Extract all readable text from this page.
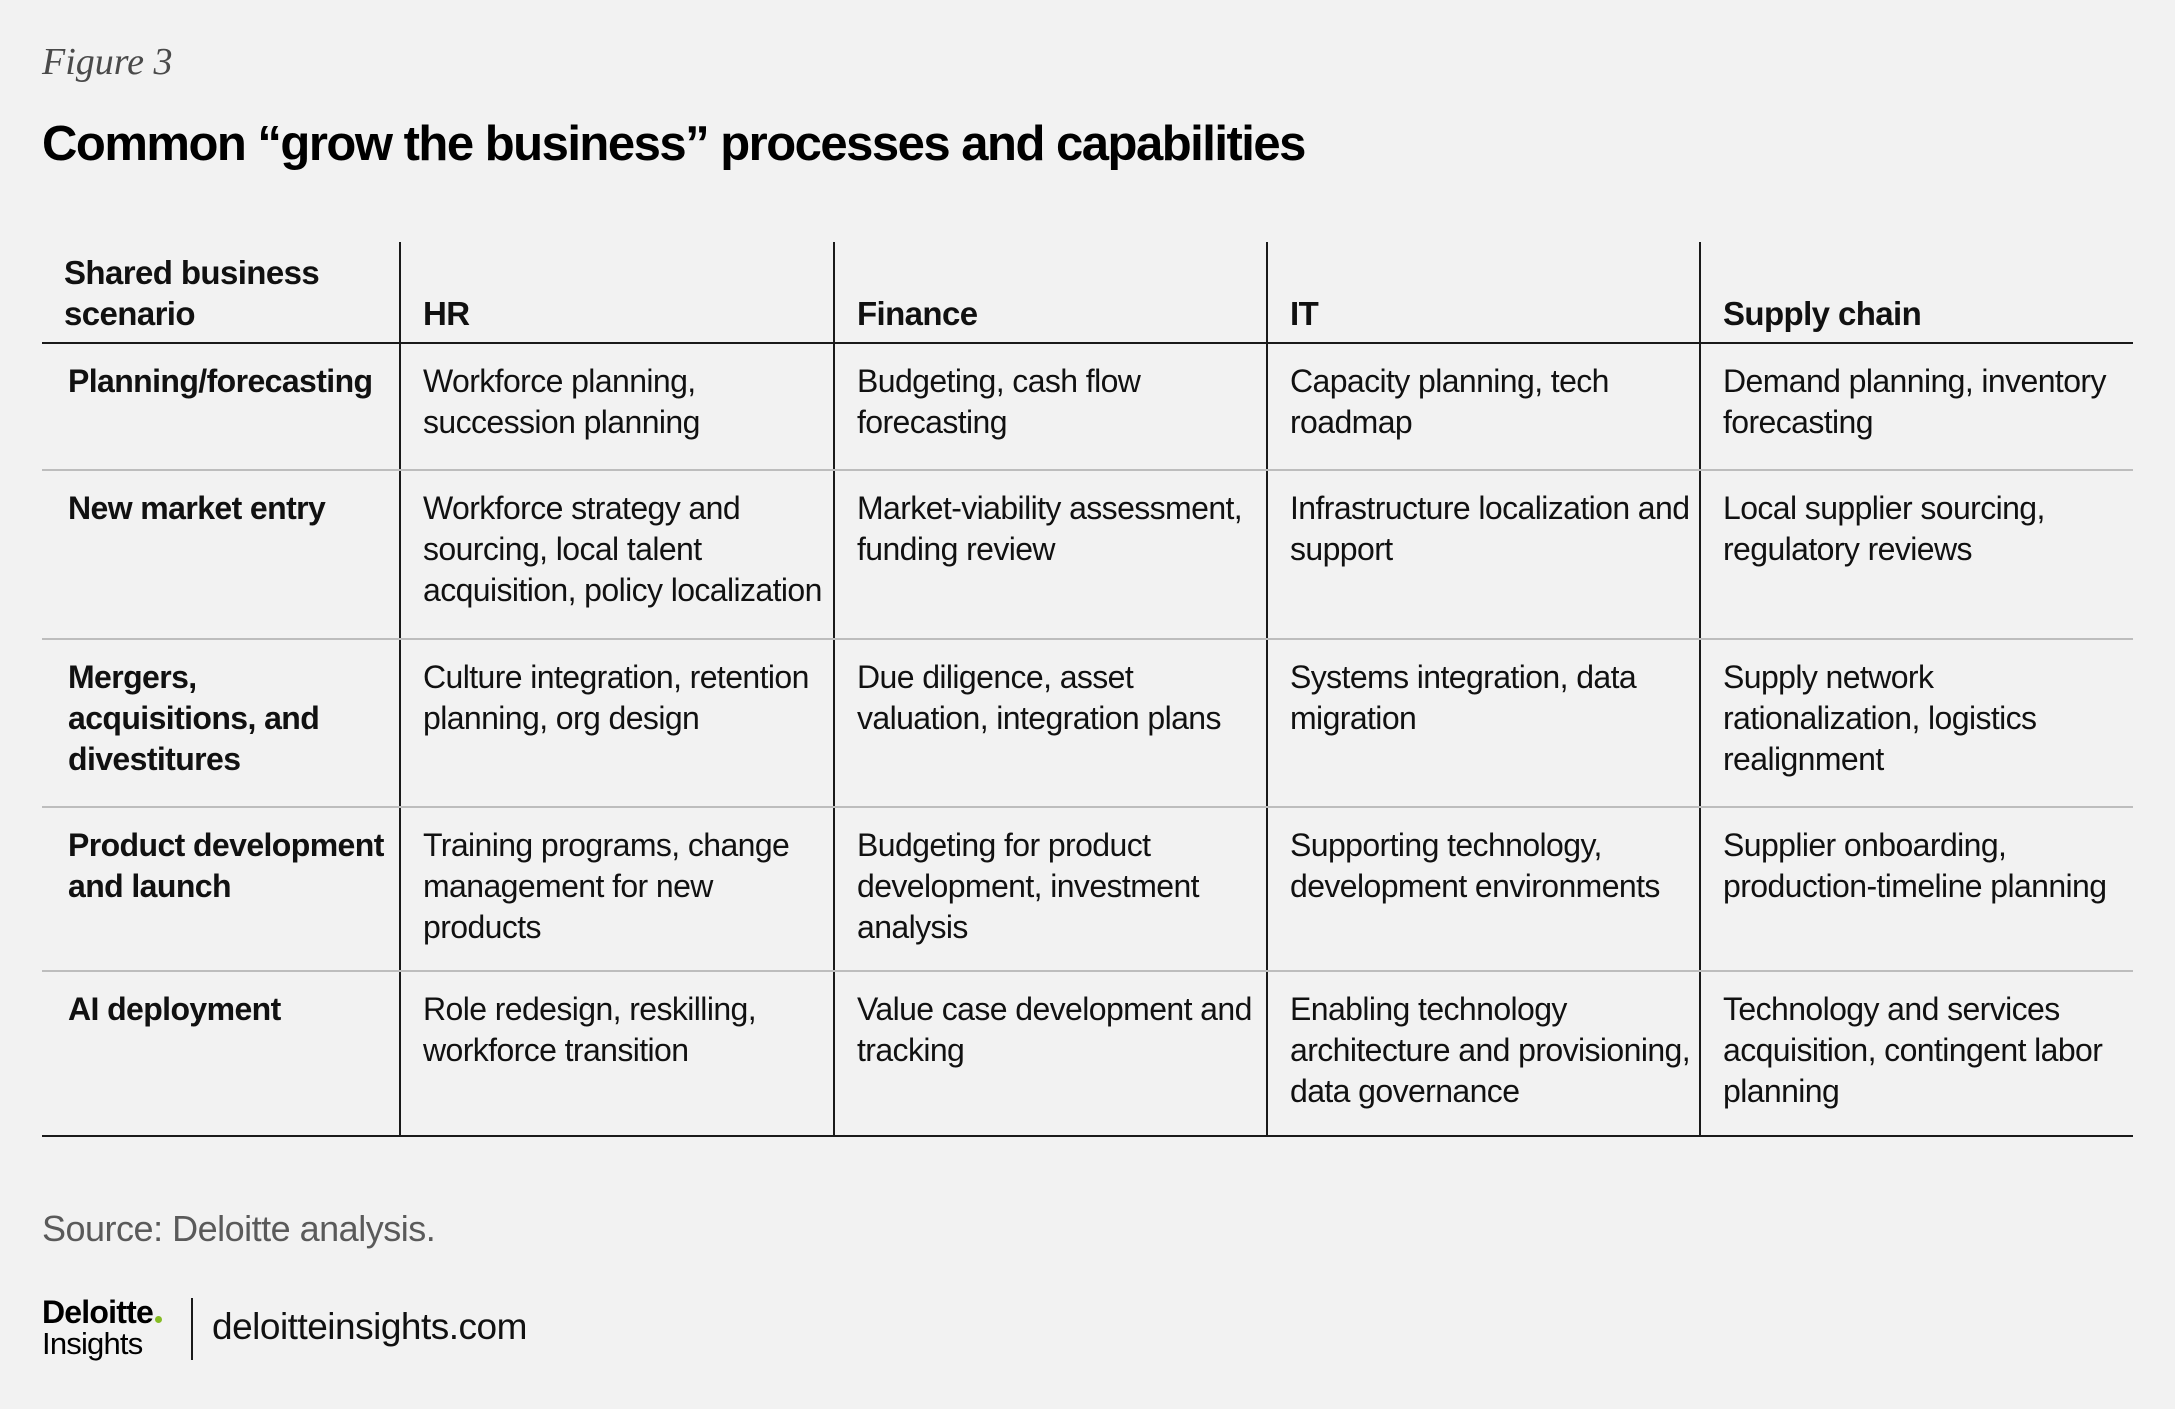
Figure 3
Common “grow the business” processes and capabilities
Shared business scenario	HR	Finance	IT	Supply chain
Planning/forecasting	Workforce planning, succession planning	Budgeting, cash flow forecasting	Capacity planning, tech roadmap	Demand planning, inventory forecasting
New market entry	Workforce strategy and sourcing, local talent acquisition, policy localization	Market-viability assessment, funding review	Infrastructure localization and support	Local supplier sourcing, regulatory reviews
Mergers, acquisitions, and divestitures	Culture integration, retention planning, org design	Due diligence, asset valuation, integration plans	Systems integration, data migration	Supply network rationalization, logistics realignment
Product development and launch	Training programs, change management for new products	Budgeting for product development, investment analysis	Supporting technology, development environments	Supplier onboarding, production-timeline planning
AI deployment	Role redesign, reskilling, workforce transition	Value case development and tracking	Enabling technology architecture and provisioning, data governance	Technology and services acquisition, contingent labor planning
Source: Deloitte analysis.
Deloitte
Insights	deloitteinsights.com
